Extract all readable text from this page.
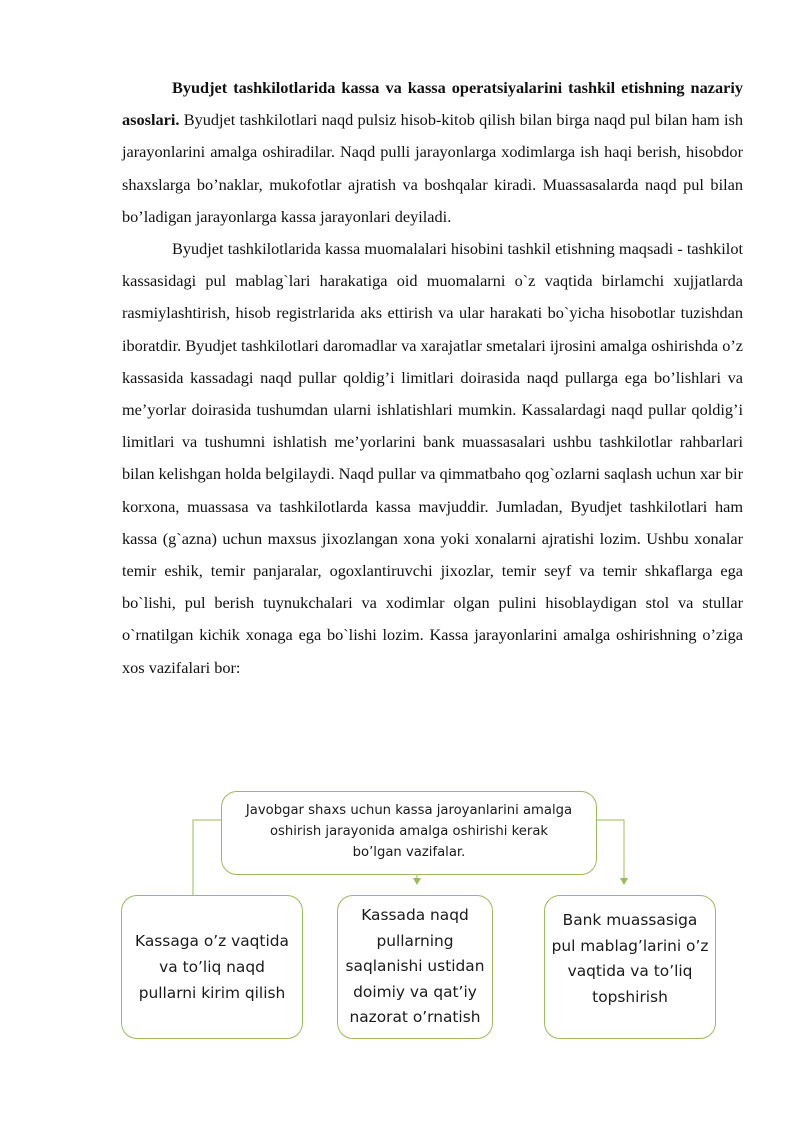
Byudjet tashkilotlarida kassa va kassa operatsiyalarini tashkil etishning nazariy asoslari. Byudjet tashkilotlari naqd pulsiz hisob-kitob qilish bilan birga naqd pul bilan ham ish jarayonlarini amalga oshiradilar. Naqd pulli jarayonlarga xodimlarga ish haqi berish, hisobdor shaxslarga bo’naklar, mukofotlar ajratish va boshqalar kiradi. Muassasalarda naqd pul bilan bo’ladigan jarayonlarga kassa jarayonlari deyiladi.

Byudjet tashkilotlarida kassa muomalalari hisobini tashkil etishning maqsadi - tashkilot kassasidagi pul mablag`lari harakatiga oid muomalarni o`z vaqtida birlamchi xujjatlarda rasmiylashtirish, hisob registrlarida aks ettirish va ular harakati bo`yicha hisobotlar tuzishdan iboratdir. Byudjet tashkilotlari daromadlar va xarajatlar smetalari ijrosini amalga oshirishda o’z kassasida kassadagi naqd pullar qoldig’i limitlari doirasida naqd pullarga ega bo’lishlari va me’yorlar doirasida tushumdan ularni ishlatishlari mumkin. Kassalardagi naqd pullar qoldig’i limitlari va tushumni ishlatish me’yorlarini bank muassasalari ushbu tashkilotlar rahbarlari bilan kelishgan holda belgilaydi. Naqd pullar va qimmatbaho qog`ozlarni saqlash uchun xar bir korxona, muassasa va tashkilotlarda kassa mavjuddir. Jumladan, Byudjet tashkilotlari ham kassa (g`azna) uchun maxsus jixozlangan xona yoki xonalarni ajratishi lozim. Ushbu xonalar temir eshik, temir panjaralar, ogoxlantiruvchi jixozlar, temir seyf va temir shkaflarga ega bo`lishi, pul berish tuynukchalari va xodimlar olgan pulini hisoblaydigan stol va stullar o`rnatilgan kichik xonaga ega bo`lishi lozim. Kassa jarayonlarini amalga oshirishning o’ziga xos vazifalari bor:

Javobgar shaxs uchun kassa jaroyanlarini amalga oshirish jarayonida amalga oshirishi kerak bo’lgan vazifalar.
Kassaga o’z vaqtida va to’liq naqd pullarni kirim qilish
Kassada naqd pullarning saqlanishi ustidan doimiy va qat’iy nazorat o’rnatish
Bank muassasiga pul mablag’larini o’z vaqtida va to’liq topshirish
